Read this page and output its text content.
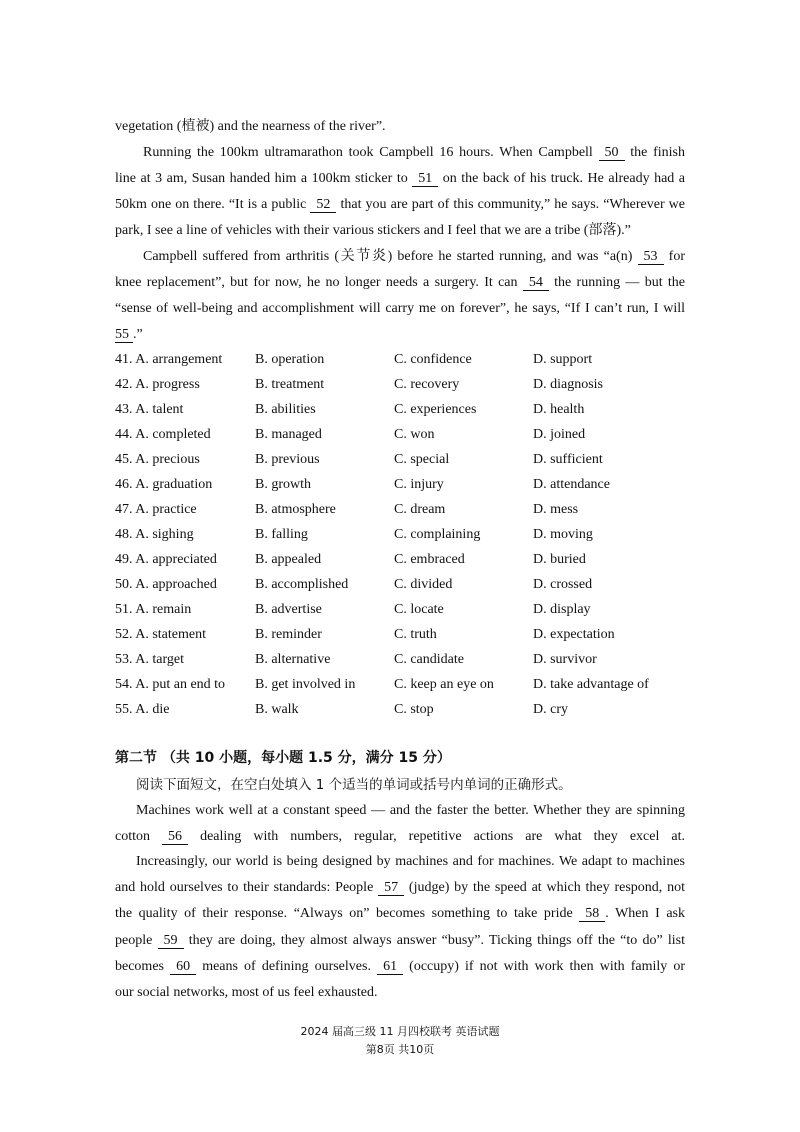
vegetation (植被) and the nearness of the river”.
Running the 100km ultramarathon took Campbell 16 hours. When Campbell 50 the finish
line at 3 am, Susan handed him a 100km sticker to 51 on the back of his truck. He already had a
50km one on there. “It is a public 52 that you are part of this community,” he says. “Wherever we
park, I see a line of vehicles with their various stickers and I feel that we are a tribe (部落).”
Campbell suffered from arthritis (关节炎) before he started running, and was “a(n) 53 for
knee replacement”, but for now, he no longer needs a surgery. It can 54 the running — but the
“sense of well-being and accomplishment will carry me on forever”, he says, “If I can’t run, I will
55 .”
41. A. arrangement B. operation	C. confidence	D. support
42. A. progress	B. treatment	C. recovery	D. diagnosis
43. A. talent	B. abilities	C. experiences	D. health
44. A. completed	B. managed	C. won	D. joined
45. A. precious	B. previous	C. special	D. sufficient
46. A. graduation	B. growth	C. injury	D. attendance
47. A. practice	B. atmosphere	C. dream	D. mess
48. A. sighing	B. falling	C. complaining	D. moving
49. A. appreciated	B. appealed	C. embraced	D. buried
50. A. approached	B. accomplished	C. divided	D. crossed
51. A. remain	B. advertise	C. locate	D. display
52. A. statement	B. reminder	C. truth	D. expectation
53. A. target	B. alternative	C. candidate	D. survivor
54. A. put an end to B. get involved in	C. keep an eye on	D. take advantage of
55. A. die	B. walk	C. stop	D. cry
第二节 （共 10 小题，每小题 1.5 分，满分 15 分）
阅读下面短文，在空白处填入 1 个适当的单词或括号内单词的正确形式。
Machines work well at a constant speed — and the faster the better. Whether they are spinning
cotton 56 dealing with numbers, regular, repetitive actions are what they excel at.
Increasingly, our world is being designed by machines and for machines. We adapt to machines
and hold ourselves to their standards: People 57 (judge) by the speed at which they respond, not
the quality of their response. “Always on” becomes something to take pride 58 . When I ask
people 59 they are doing, they almost always answer “busy”. Ticking things off the “to do” list
becomes 60 means of defining ourselves. 61 (occupy) if not with work then with family or
our social networks, most of us feel exhausted.
2024 届高三级 11 月四校联考 英语试题
第8页 共10页
